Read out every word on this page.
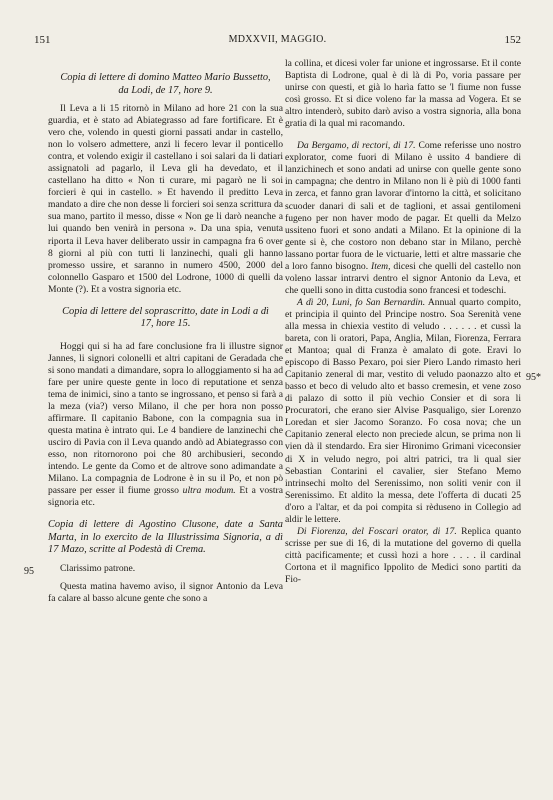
151	MDXXVII, MAGGIO.	152
95
95*
Copia di lettere di domino Matteo Mario Bussetto, da Lodi, de 17, hore 9.

Il Leva a li 15 ritornò in Milano ad hore 21 con la sua guardia, et è stato ad Abiategrasso ad fare fortificare. Et è vero che, volendo in questi giorni passati andar in castello, non lo volsero admettere, anzi li fecero levar il ponticello contra, et volendo exigir il castellano i soi salari da li datiari assignatoli ad pagarlo, il Leva gli ha devedato, et il castellano ha ditto « Non ti curare, mi pagarò ne li soi forcieri è qui in castello. » Et havendo il preditto Leva mandato a dire che non desse li forcieri soi senza scrittura da sua mano, partito il messo, disse « Non ge li darò neanche a lui quando ben venirà in persona ». Da una spia, venuta riporta il Leva haver deliberato ussir in campagna fra 6 over 8 giorni al più con tutti li lanzinechi, quali gli hanno promesso ussire, et saranno in numero 4500, 2000 del colonnello Gasparo et 1500 del Lodrone, 1000 di quelli da Monte (?). Et a vostra signoria etc.

Copia di lettere del soprascritto, date in Lodi a dì 17, hore 15.

Hoggi qui si ha ad fare conclusione fra li illustre signor Jannes, li signori colonelli et altri capitani de Geradada che si sono mandati a dimandare, sopra lo alloggiamento si ha ad fare per unire queste gente in loco di reputatione et senza tema de inimici, sino a tanto se ingrossano, et penso si farà a la meza (via?) verso Milano, il che per hora non posso affirmare. Il capitanio Babone, con la compagnia sua in questa matina è intrato qui. Le 4 bandiere de lanzinechi che usciro di Pavia con il Leva quando andò ad Abiategrasso con esso, non ritornorono poi che 80 archibusieri, secondo intendo. Le gente da Como et de altrove sono adimandate a Milano. La compagnia de Lodrone è in su il Po, et non pò passare per esser il fiume grosso ultra modum. Et a vostra signoria etc.

Copia di lettere di Agostino Clusone, date a Santa Marta, in lo exercito de la Illustrissima Signoria, a dì 17 Mazo, scritte al Podestà di Crema.

Clarissimo patrone.

Questa matina havemo aviso, il signor Antonio da Leva fa calare al basso alcune gente che sono a

la collina, et dicesi voler far unione et ingrossarse. Et il conte Baptista di Lodrone, qual è di là di Po, voria passare per unirse con questi, et già lo harìa fatto se 'l fiume non fusse così grosso. Et si dice voleno far la massa ad Vogera. Et se altro intenderò, subito darò aviso a vostra signoria, alla bona gratia di la qual mi racomando.

Da Bergamo, di rectori, di 17. Come referisse uno nostro explorator, come fuori di Milano è ussito 4 bandiere di lanzichinech et sono andati ad unirse con quelle gente sono in campagna; che dentro in Milano non li è più di 1000 fanti in zerca, et fanno gran lavorar d'intorno la città, et solicitano scuoder danari di sali et de taglioni, et assai gentilomeni fugeno per non haver modo de pagar. Et quelli da Melzo ussiteno fuori et sono andati a Milano. Et la opinione di la gente si è, che costoro non debano star in Milano, perchè lassano portar fuora de le victuarie, letti et altre massarie che a loro fanno bisogno. Item, dicesi che quelli del castello non voleno lassar intrarvi dentro el signor Antonio da Leva, et che quelli sono in ditta custodia sono francesi et todeschi.

A dì 20, Luni, fo San Bernardin. Annual quarto compito, et principia il quinto del Principe nostro. Soa Serenità vene alla messa in chiexia vestito di veludo . . . . . . et cussì la bareta, con li oratori, Papa, Anglia, Milan, Fiorenza, Ferrara et Mantoa; qual di Franza è amalato di gote. Eravi lo episcopo di Basso Pexaro, poi sier Piero Lando rimasto heri Capitanio zeneral di mar, vestito di veludo paonazzo alto et basso et beco di veludo alto et basso cremesin, et vene zoso di palazo di sotto il più vechio Consier et di sora li Procuratori, che erano sier Alvise Pasqualigo, sier Lorenzo Loredan et sier Jacomo Soranzo. Fo cosa nova; che un Capitanio zeneral electo non preciede alcun, se prima non li vien dà il stendardo. Era sier Hironimo Grimani viceconsier di X in veludo negro, poi altri patrici, tra li qual sier Sebastian Contarini el cavalier, sier Stefano Memo intrinsechi molto del Serenissimo, non soliti venir con il Serenissimo. Et aldito la messa, dete l'offerta di ducati 25 d'oro a l'altar, et da poi compita si rèduseno in Collegio ad aldir le lettere.

Di Fiorenza, del Foscari orator, di 17. Replica quanto scrisse per sue di 16, di la mutatione del governo di quella città pacificamente; et cussì hozi a hore . . . . il cardinal Cortona et il magnifico Ippolito de Medici sono partiti da Fio-
